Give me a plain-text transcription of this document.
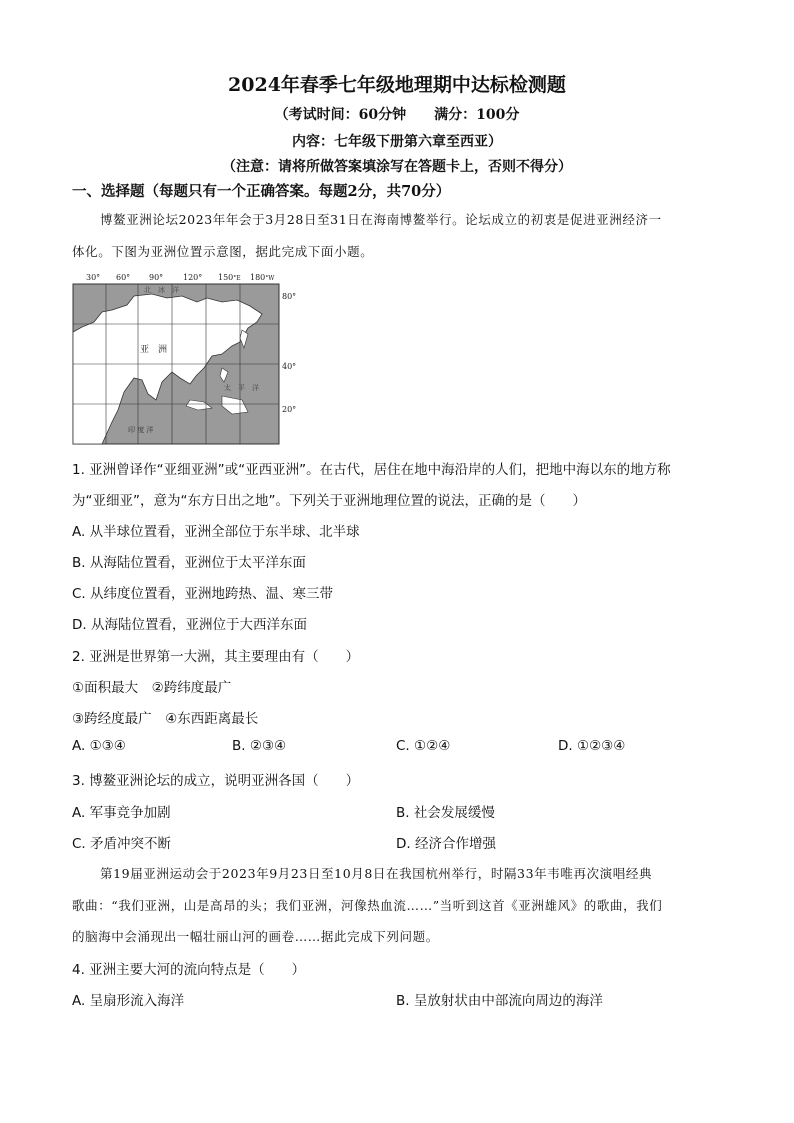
2024年春季七年级地理期中达标检测题
（考试时间：60分钟　　满分：100分
内容：七年级下册第六章至西亚）
（注意：请将所做答案填涂写在答题卡上，否则不得分）
一、选择题（每题只有一个正确答案。每题2分，共70分）
博鳌亚洲论坛2023年年会于3月28日至31日在海南博鳌举行。论坛成立的初衷是促进亚洲经济一
体化。下图为亚洲位置示意图，据此完成下面小题。
30° 60° 90° 120° 150°E 180°W
80°
40°
20°
亚　洲
北　冰　洋
太　平　洋
印 度 洋
1. 亚洲曾译作“亚细亚洲”或“亚西亚洲”。在古代，居住在地中海沿岸的人们，把地中海以东的地方称
为“亚细亚”，意为“东方日出之地”。下列关于亚洲地理位置的说法，正确的是（　　）
A. 从半球位置看，亚洲全部位于东半球、北半球
B. 从海陆位置看，亚洲位于太平洋东面
C. 从纬度位置看，亚洲地跨热、温、寒三带
D. 从海陆位置看，亚洲位于大西洋东面
2. 亚洲是世界第一大洲，其主要理由有（　　）
①面积最大　②跨纬度最广
③跨经度最广　④东西距离最长
A. ①③④	B. ②③④	C. ①②④	D. ①②③④
3. 博鳌亚洲论坛的成立，说明亚洲各国（　　）
A. 军事竞争加剧	B. 社会发展缓慢
C. 矛盾冲突不断	D. 经济合作增强
第19届亚洲运动会于2023年9月23日至10月8日在我国杭州举行，时隔33年韦唯再次演唱经典
歌曲：“我们亚洲，山是高昂的头；我们亚洲，河像热血流……”当听到这首《亚洲雄风》的歌曲，我们
的脑海中会涌现出一幅壮丽山河的画卷……据此完成下列问题。
4. 亚洲主要大河的流向特点是（　　）
A. 呈扇形流入海洋	B. 呈放射状由中部流向周边的海洋
